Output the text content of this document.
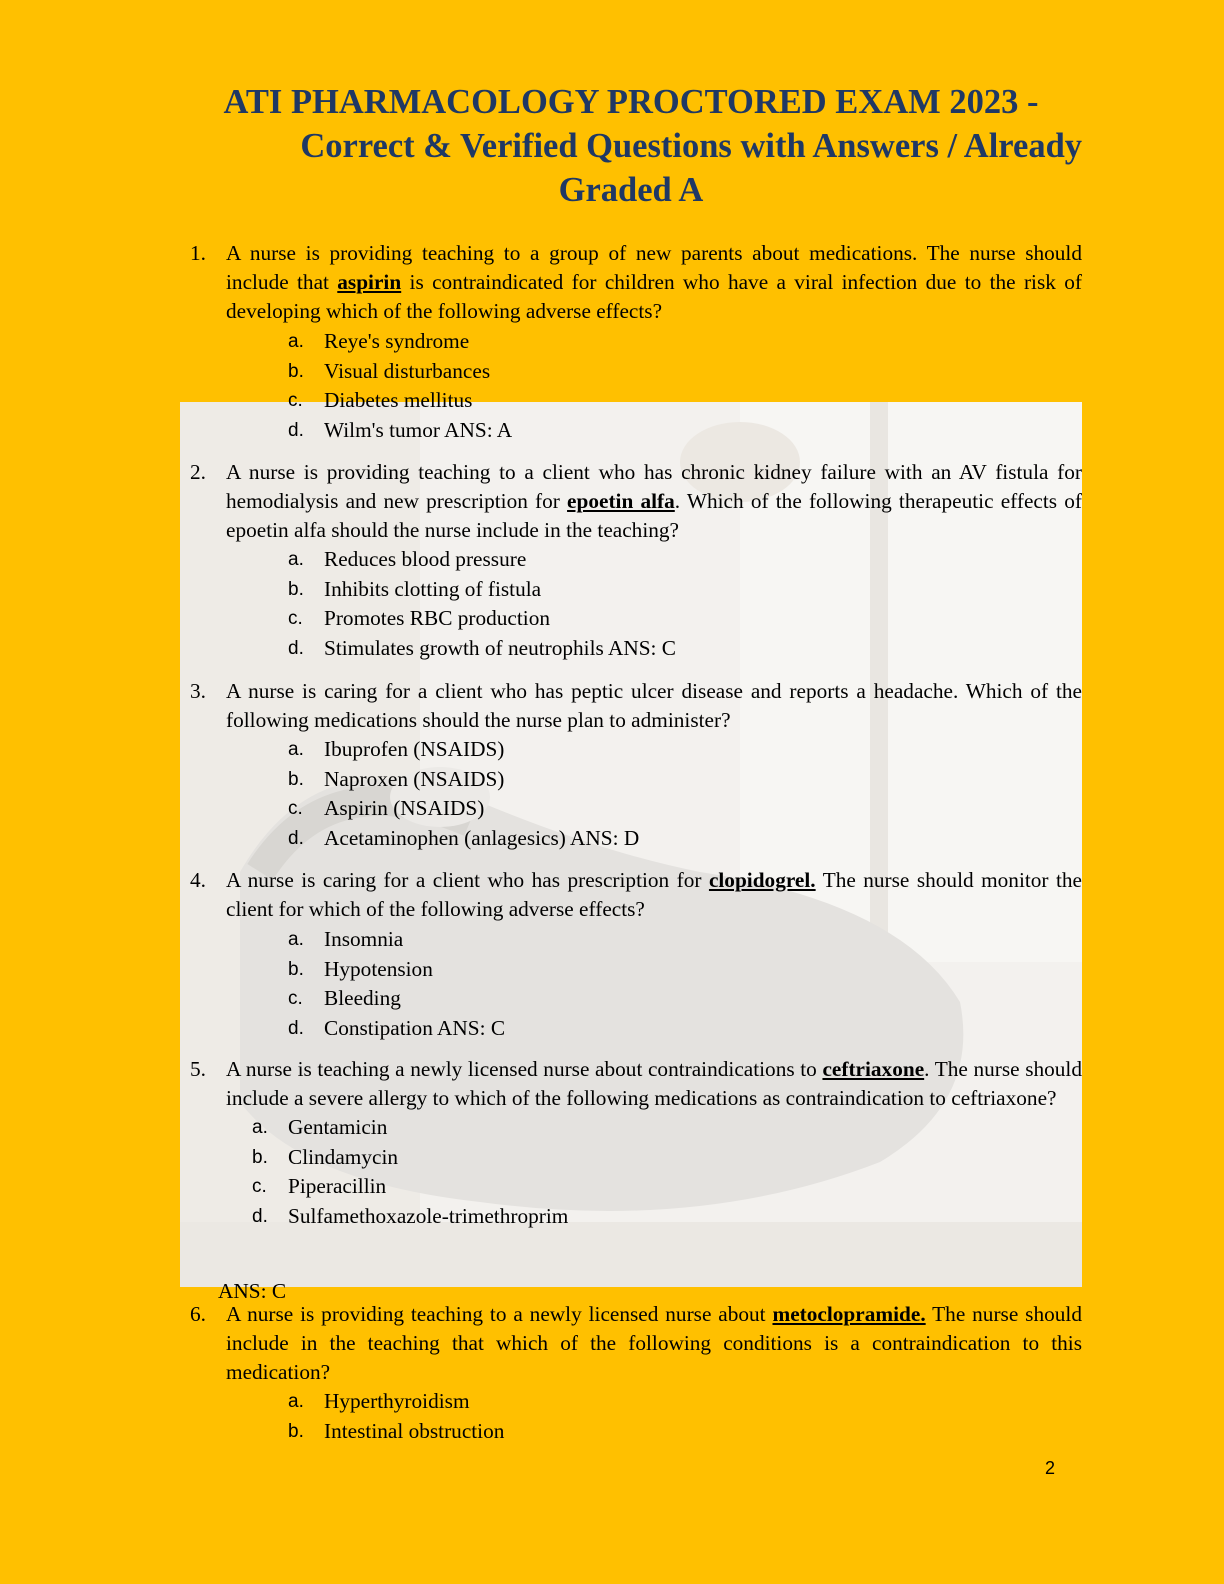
ATI PHARMACOLOGY PROCTORED EXAM 2023 -
Correct & Verified Questions with Answers / Already
Graded A
1. A nurse is providing teaching to a group of new parents about medications. The nurse should include that aspirin is contraindicated for children who have a viral infection due to the risk of developing which of the following adverse effects?
a. Reye's syndrome
b. Visual disturbances
c. Diabetes mellitus
d. Wilm's tumor ANS: A
2. A nurse is providing teaching to a client who has chronic kidney failure with an AV fistula for hemodialysis and new prescription for epoetin alfa. Which of the following therapeutic effects of epoetin alfa should the nurse include in the teaching?
a. Reduces blood pressure
b. Inhibits clotting of fistula
c. Promotes RBC production
d. Stimulates growth of neutrophils ANS: C
3. A nurse is caring for a client who has peptic ulcer disease and reports a headache. Which of the following medications should the nurse plan to administer?
a. Ibuprofen (NSAIDS)
b. Naproxen (NSAIDS)
c. Aspirin (NSAIDS)
d. Acetaminophen (anlagesics) ANS: D
4. A nurse is caring for a client who has prescription for clopidogrel. The nurse should monitor the client for which of the following adverse effects?
a. Insomnia
b. Hypotension
c. Bleeding
d. Constipation ANS: C
5. A nurse is teaching a newly licensed nurse about contraindications to ceftriaxone. The nurse should include a severe allergy to which of the following medications as contraindication to ceftriaxone?
a. Gentamicin
b. Clindamycin
c. Piperacillin
d. Sulfamethoxazole-trimethroprim
ANS: C
6. A nurse is providing teaching to a newly licensed nurse about metoclopramide. The nurse should include in the teaching that which of the following conditions is a contraindication to this medication?
a. Hyperthyroidism
b. Intestinal obstruction
2
